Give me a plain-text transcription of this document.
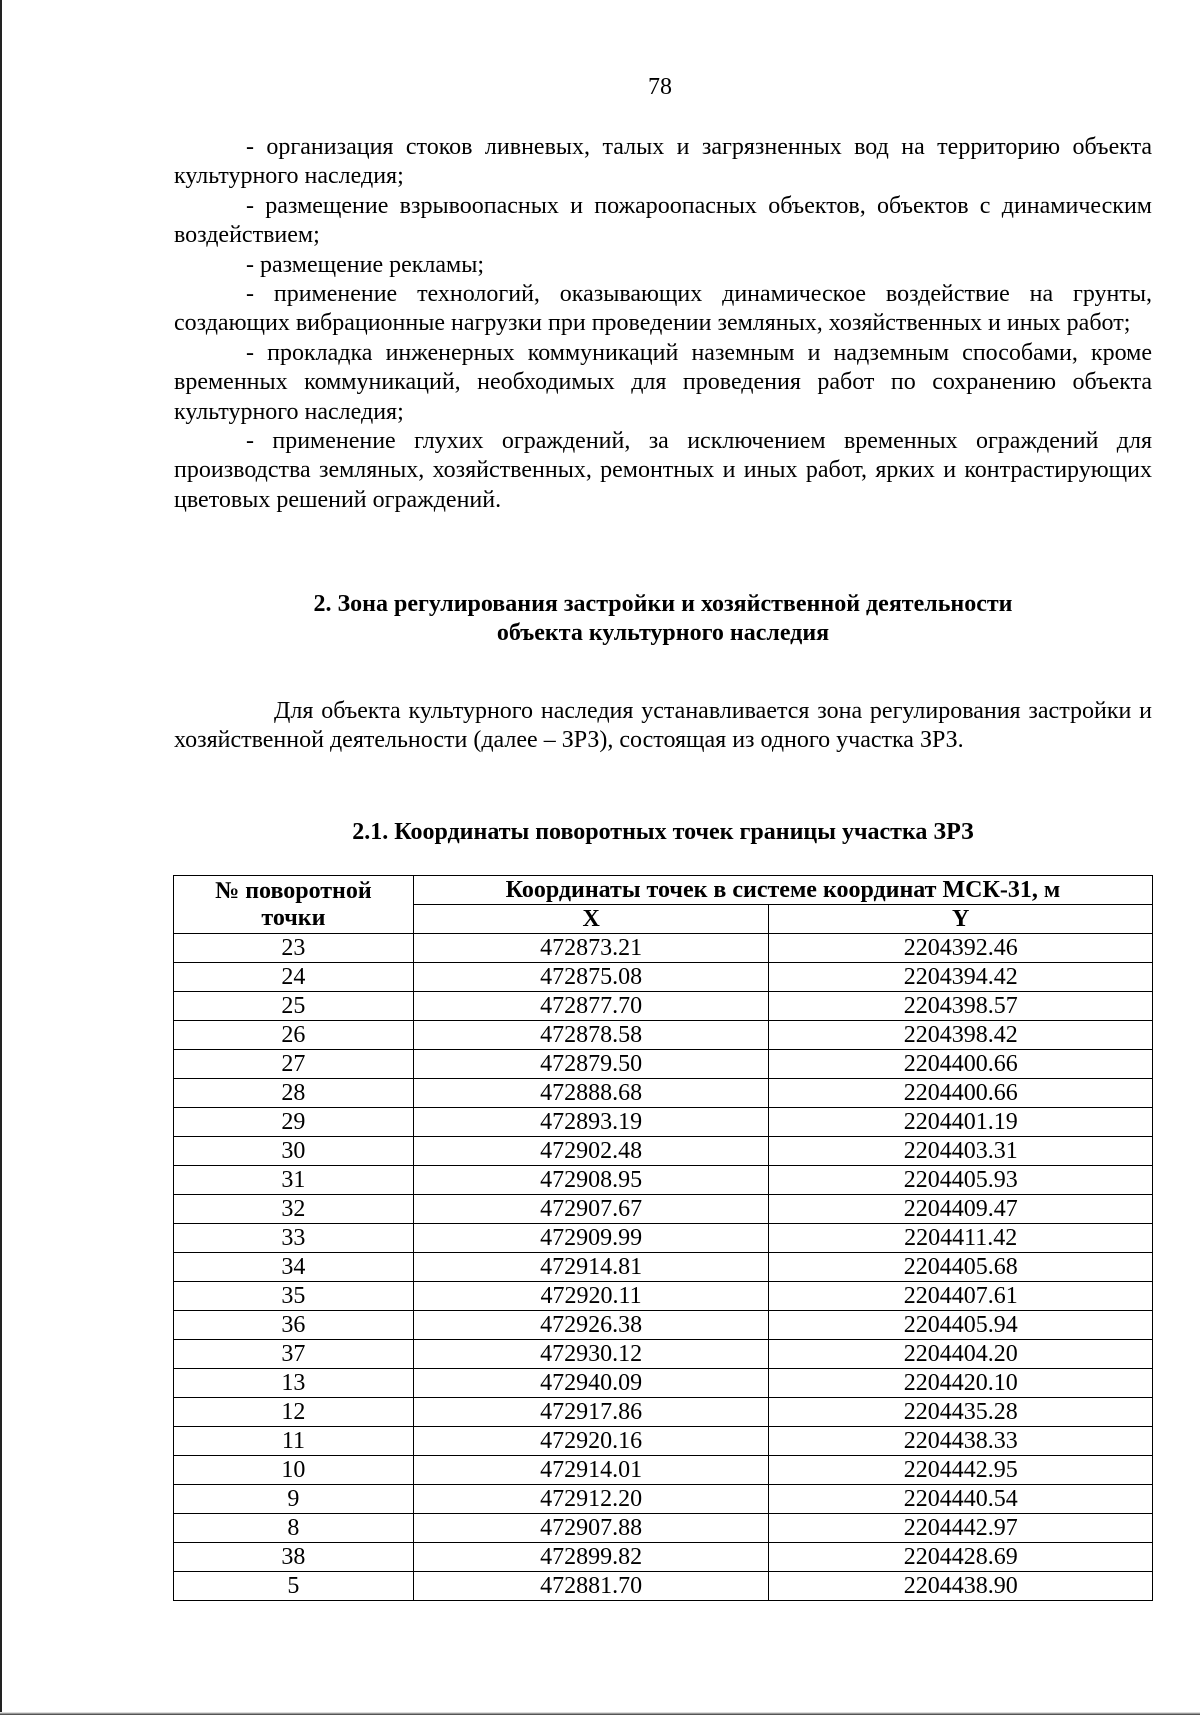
78

- организация стоков ливневых, талых и загрязненных вод на территорию объекта культурного наследия;

- размещение взрывоопасных и пожароопасных объектов, объектов с динамическим воздействием;

- размещение рекламы;

- применение технологий, оказывающих динамическое воздействие на грунты, создающих вибрационные нагрузки при проведении земляных, хозяйственных и иных работ;

- прокладка инженерных коммуникаций наземным и надземным способами, кроме временных коммуникаций, необходимых для проведения работ по сохранению объекта культурного наследия;

- применение глухих ограждений, за исключением временных ограждений для производства земляных, хозяйственных, ремонтных и иных работ, ярких и контрастирующих цветовых решений ограждений.

2. Зона регулирования застройки и хозяйственной деятельности
объекта культурного наследия

Для объекта культурного наследия устанавливается зона регулирования застройки и хозяйственной деятельности (далее – ЗРЗ), состоящая из одного участка ЗРЗ.

2.1. Координаты поворотных точек границы участка ЗРЗ
№ поворотной
точки	Координаты точек в системе координат МСК-31, м	
	X	Y
23	472873.21	2204392.46
24	472875.08	2204394.42
25	472877.70	2204398.57
26	472878.58	2204398.42
27	472879.50	2204400.66
28	472888.68	2204400.66
29	472893.19	2204401.19
30	472902.48	2204403.31
31	472908.95	2204405.93
32	472907.67	2204409.47
33	472909.99	2204411.42
34	472914.81	2204405.68
35	472920.11	2204407.61
36	472926.38	2204405.94
37	472930.12	2204404.20
13	472940.09	2204420.10
12	472917.86	2204435.28
11	472920.16	2204438.33
10	472914.01	2204442.95
9	472912.20	2204440.54
8	472907.88	2204442.97
38	472899.82	2204428.69
5	472881.70	2204438.90
